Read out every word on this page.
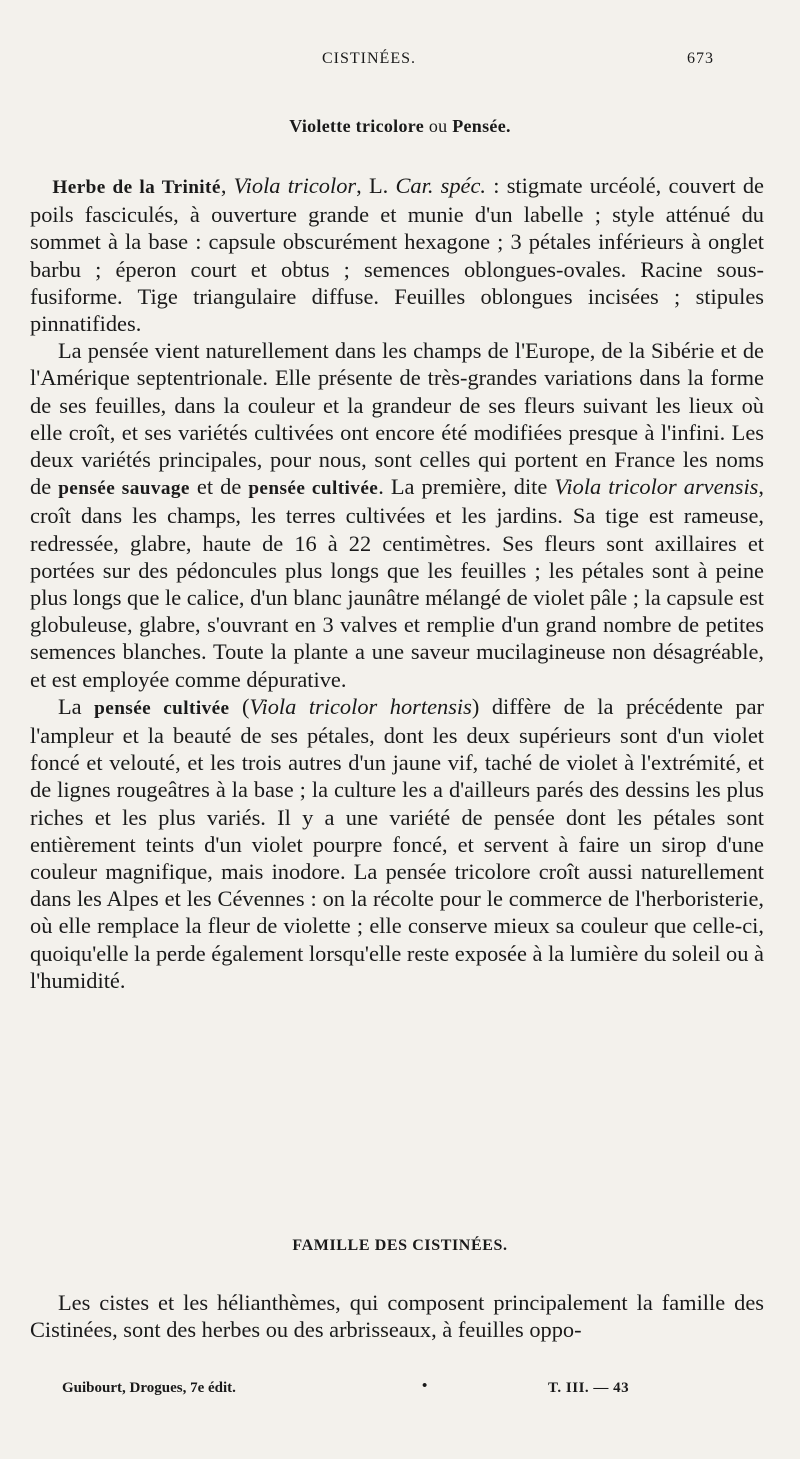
CISTINÉES.	673
Violette tricolore ou Pensée.

 Herbe de la Trinité, Viola tricolor, L. Car. spéc. : stigmate urcéolé, couvert de poils fasciculés, à ouverture grande et munie d'un labelle ; style atténué du sommet à la base : capsule obscurément hexagone ; 3 pétales inférieurs à onglet barbu ; éperon court et obtus ; semences oblongues-ovales. Racine sous-fusiforme. Tige triangulaire diffuse. Feuilles oblongues incisées ; stipules pinnatifides.

La pensée vient naturellement dans les champs de l'Europe, de la Sibérie et de l'Amérique septentrionale. Elle présente de très-grandes variations dans la forme de ses feuilles, dans la couleur et la grandeur de ses fleurs suivant les lieux où elle croît, et ses variétés cultivées ont encore été modifiées presque à l'infini. Les deux variétés principales, pour nous, sont celles qui portent en France les noms de pensée sauvage et de pensée cultivée. La première, dite Viola tricolor arvensis, croît dans les champs, les terres cultivées et les jardins. Sa tige est rameuse, redressée, glabre, haute de 16 à 22 centimètres. Ses fleurs sont axillaires et portées sur des pédoncules plus longs que les feuilles ; les pétales sont à peine plus longs que le calice, d'un blanc jaunâtre mélangé de violet pâle ; la capsule est globuleuse, glabre, s'ouvrant en 3 valves et remplie d'un grand nombre de petites semences blanches. Toute la plante a une saveur mucilagineuse non désagréable, et est employée comme dépurative.

La pensée cultivée (Viola tricolor hortensis) diffère de la précédente par l'ampleur et la beauté de ses pétales, dont les deux supérieurs sont d'un violet foncé et velouté, et les trois autres d'un jaune vif, taché de violet à l'extrémité, et de lignes rougeâtres à la base ; la culture les a d'ailleurs parés des dessins les plus riches et les plus variés. Il y a une variété de pensée dont les pétales sont entièrement teints d'un violet pourpre foncé, et servent à faire un sirop d'une couleur magnifique, mais inodore. La pensée tricolore croît aussi naturellement dans les Alpes et les Cévennes : on la récolte pour le commerce de l'herboristerie, où elle remplace la fleur de violette ; elle conserve mieux sa couleur que celle-ci, quoiqu'elle la perde également lorsqu'elle reste exposée à la lumière du soleil ou à l'humidité.

FAMILLE DES CISTINÉES.

Les cistes et les hélianthèmes, qui composent principalement la famille des Cistinées, sont des herbes ou des arbrisseaux, à feuilles oppo-

Guibourt, Drogues, 7e édit.	•	T. III. — 43
